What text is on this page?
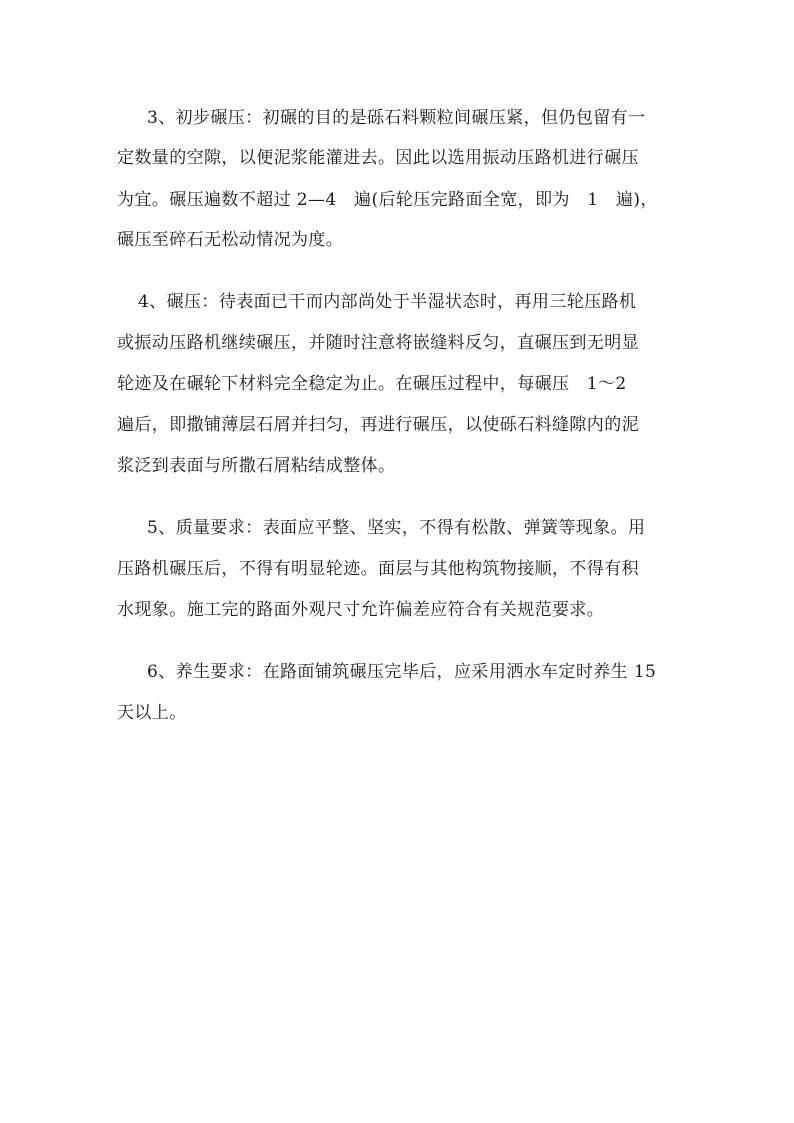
3、初步碾压：初碾的目的是砾石料颗粒间碾压紧，但仍包留有一
定数量的空隙，以便泥浆能灌进去。因此以选用振动压路机进行碾压
为宜。碾压遍数不超过 2—4   遍(后轮压完路面全宽，即为   1   遍)，
碾压至碎石无松动情况为度。
4、碾压：待表面已干而内部尚处于半湿状态时，再用三轮压路机
或振动压路机继续碾压，并随时注意将嵌缝料反匀，直碾压到无明显
轮迹及在碾轮下材料完全稳定为止。在碾压过程中，每碾压   1～2
遍后，即撒铺薄层石屑并扫匀，再进行碾压，以使砾石料缝隙内的泥
浆泛到表面与所撒石屑粘结成整体。
5、质量要求：表面应平整、坚实，不得有松散、弹簧等现象。用
压路机碾压后，不得有明显轮迹。面层与其他构筑物接顺，不得有积
水现象。施工完的路面外观尺寸允许偏差应符合有关规范要求。
6、养生要求：在路面铺筑碾压完毕后，应采用洒水车定时养生 15
天以上。
